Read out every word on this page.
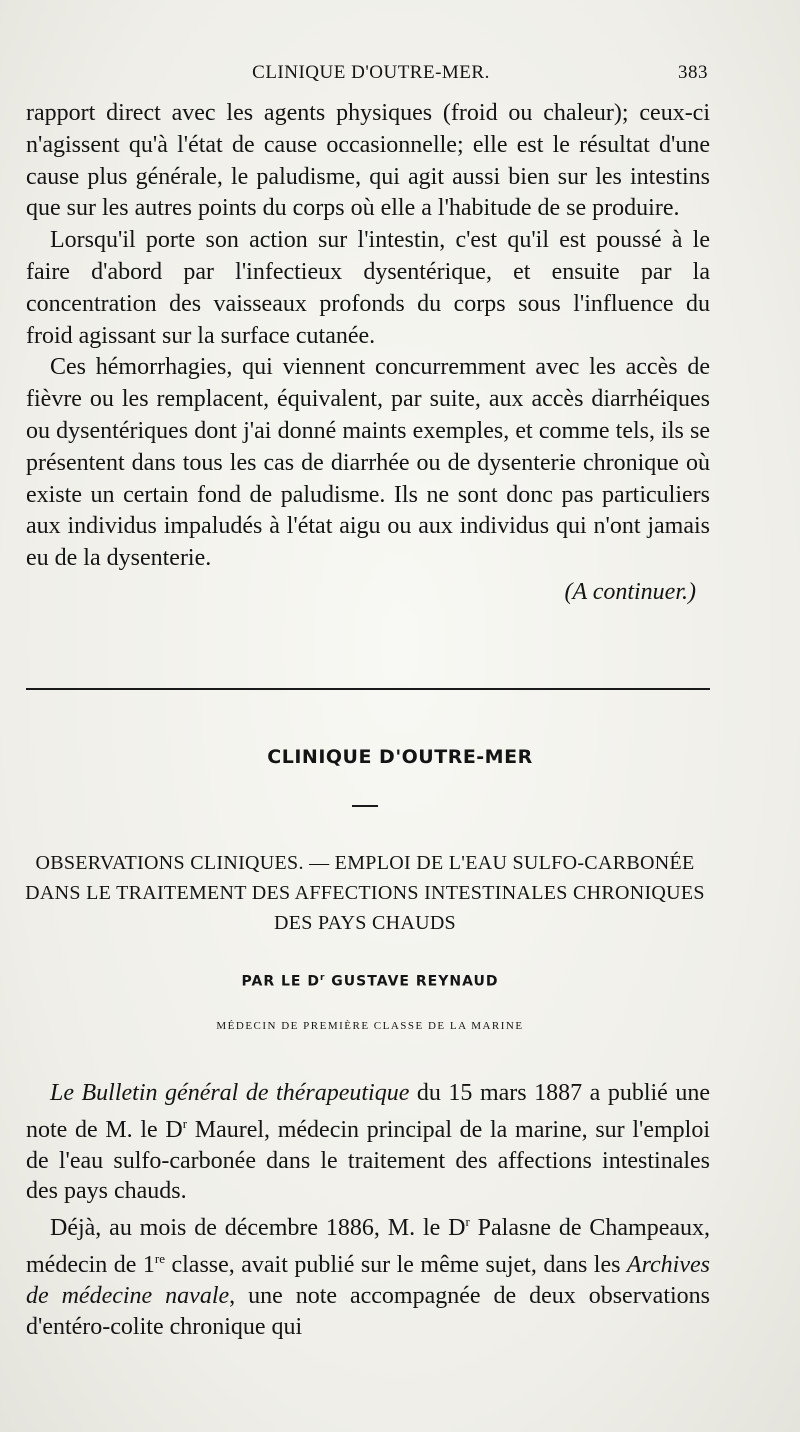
CLINIQUE D'OUTRE-MER.	383

rapport direct avec les agents physiques (froid ou chaleur); ceux-ci n'agissent qu'à l'état de cause occasionnelle; elle est le résultat d'une cause plus générale, le paludisme, qui agit aussi bien sur les intestins que sur les autres points du corps où elle a l'habitude de se produire.

Lorsqu'il porte son action sur l'intestin, c'est qu'il est poussé à le faire d'abord par l'infectieux dysentérique, et ensuite par la concentration des vaisseaux profonds du corps sous l'influence du froid agissant sur la surface cutanée.

Ces hémorrhagies, qui viennent concurremment avec les accès de fièvre ou les remplacent, équivalent, par suite, aux accès diarrhéiques ou dysentériques dont j'ai donné maints exemples, et comme tels, ils se présentent dans tous les cas de diarrhée ou de dysenterie chronique où existe un certain fond de paludisme. Ils ne sont donc pas particuliers aux individus impaludés à l'état aigu ou aux individus qui n'ont jamais eu de la dysenterie.

(A continuer.)
CLINIQUE D'OUTRE-MER
OBSERVATIONS CLINIQUES. — EMPLOI DE L'EAU SULFO-CARBONÉE DANS LE TRAITEMENT DES AFFECTIONS INTESTINALES CHRONIQUES DES PAYS CHAUDS
PAR LE $D^r$ GUSTAVE REYNAUD
MÉDECIN DE PREMIÈRE CLASSE DE LA MARINE

Le Bulletin général de thérapeutique du 15 mars 1887 a publié une note de M. le $D^r$ Maurel, médecin principal de la marine, sur l'emploi de l'eau sulfo-carbonée dans le traitement des affections intestinales des pays chauds.

Déjà, au mois de décembre 1886, M. le $D^r$ Palasne de Champeaux, médecin de 1re classe, avait publié sur le même sujet, dans les Archives de médecine navale, une note accompagnée de deux observations d'entéro-colite chronique qui
